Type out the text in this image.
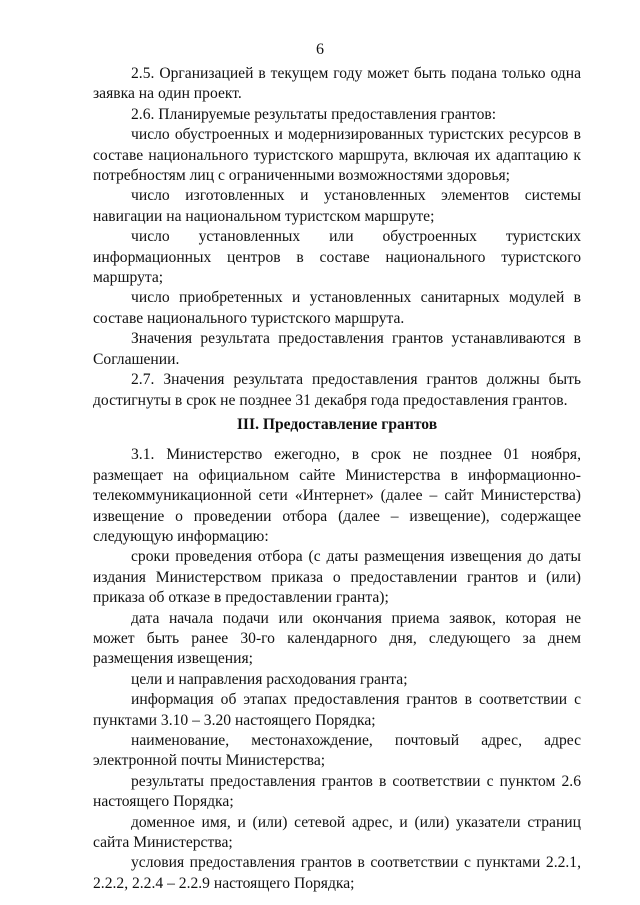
6

2.5. Организацией в текущем году может быть подана только одна заявка на один проект.

2.6. Планируемые результаты предоставления грантов:

число обустроенных и модернизированных туристских ресурсов в составе национального туристского маршрута, включая их адаптацию к потребностям лиц с ограниченными возможностями здоровья;

число изготовленных и установленных элементов системы навигации на национальном туристском маршруте;

число установленных или обустроенных туристских информационных центров в составе национального туристского маршрута;

число приобретенных и установленных санитарных модулей в составе национального туристского маршрута.

Значения результата предоставления грантов устанавливаются в Соглашении.

2.7. Значения результата предоставления грантов должны быть достигнуты в срок не позднее 31 декабря года предоставления грантов.

III. Предоставление грантов

3.1. Министерство ежегодно, в срок не позднее 01 ноября, размещает на официальном сайте Министерства в информационно-телекоммуникационной сети «Интернет» (далее – сайт Министерства) извещение о проведении отбора (далее – извещение), содержащее следующую информацию:

сроки проведения отбора (с даты размещения извещения до даты издания Министерством приказа о предоставлении грантов и (или) приказа об отказе в предоставлении гранта);

дата начала подачи или окончания приема заявок, которая не может быть ранее 30-го календарного дня, следующего за днем размещения извещения;

цели и направления расходования гранта;

информация об этапах предоставления грантов в соответствии с пунктами 3.10 – 3.20 настоящего Порядка;

наименование, местонахождение, почтовый адрес, адрес электронной почты Министерства;

результаты предоставления грантов в соответствии с пунктом 2.6 настоящего Порядка;

доменное имя, и (или) сетевой адрес, и (или) указатели страниц сайта Министерства;

условия предоставления грантов в соответствии с пунктами 2.2.1, 2.2.2, 2.2.4 – 2.2.9 настоящего Порядка;
